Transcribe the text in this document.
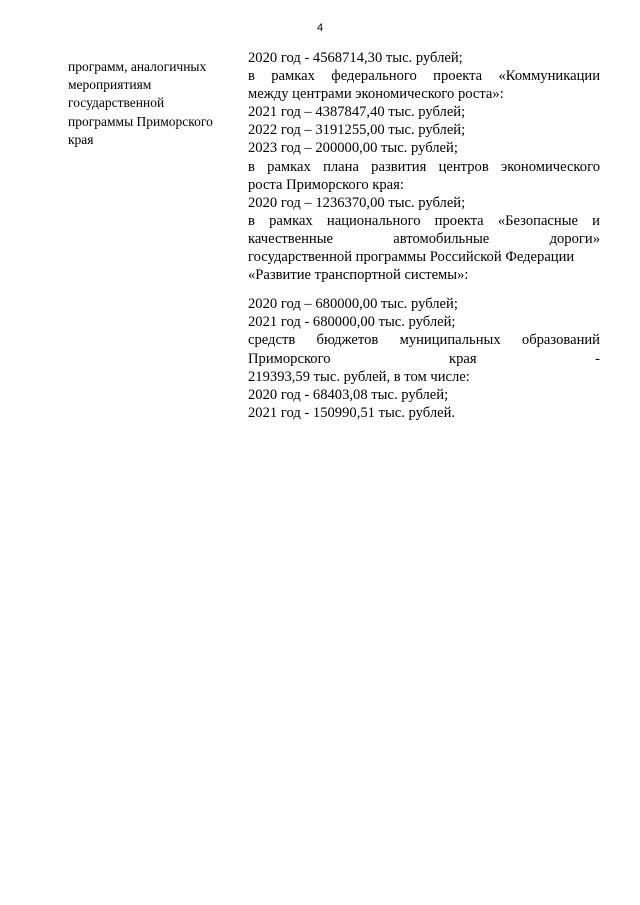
4
программ, аналогичных
мероприятиям
государственной
программы Приморского
края
2020 год - 4568714,30 тыс. рублей;
в рамках федерального проекта «Коммуникации
между центрами экономического роста»:
2021 год – 4387847,40 тыс. рублей;
2022 год – 3191255,00 тыс. рублей;
2023 год – 200000,00 тыс. рублей;
в рамках плана развития центров экономического
роста Приморского края:
2020 год – 1236370,00 тыс. рублей;
в рамках национального проекта «Безопасные и
качественные автомобильные дороги»
государственной программы Российской Федерации
«Развитие транспортной системы»:
2020 год – 680000,00 тыс. рублей;
2021 год - 680000,00 тыс. рублей;
средств бюджетов муниципальных образований
Приморского края -
219393,59 тыс. рублей, в том числе:
2020 год - 68403,08 тыс. рублей;
2021 год - 150990,51 тыс. рублей.
